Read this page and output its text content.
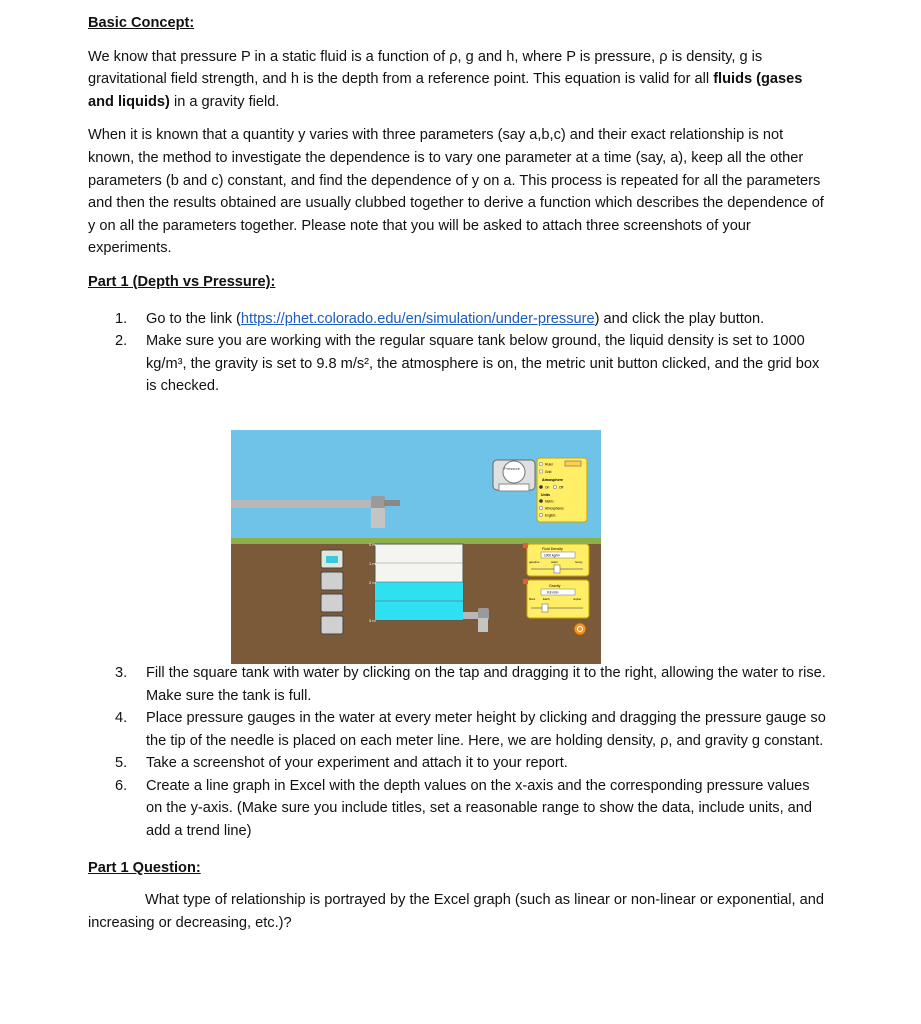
Basic Concept:

We know that pressure P in a static fluid is a function of ρ, g and h, where P is pressure, ρ is density, g is gravitational field strength, and h is the depth from a reference point. This equation is valid for all fluids (gases and liquids) in a gravity field.

When it is known that a quantity y varies with three parameters (say a,b,c) and their exact relationship is not known, the method to investigate the dependence is to vary one parameter at a time (say, a), keep all the other parameters (b and c) constant, and find the dependence of y on a. This process is repeated for all the parameters and then the results obtained are usually clubbed together to derive a function which describes the dependence of y on all the parameters together. Please note that you will be asked to attach three screenshots of your experiments.

Part 1 (Depth vs Pressure):

1. Go to the link (https://phet.colorado.edu/en/simulation/under-pressure) and click the play button.
2. Make sure you are working with the regular square tank below ground, the liquid density is set to 1000 kg/m³, the gravity is set to 9.8 m/s², the atmosphere is on, the metric unit button clicked, and the grid box is checked.
3. Fill the square tank with water by clicking on the tap and dragging it to the right, allowing the water to rise. Make sure the tank is full.
4. Place pressure gauges in the water at every meter height by clicking and dragging the pressure gauge so the tip of the needle is placed on each meter line. Here, we are holding density, ρ, and gravity g constant.
5. Take a screenshot of your experiment and attach it to your report.
6. Create a line graph in Excel with the depth values on the x-axis and the corresponding pressure values on the y-axis. (Make sure you include titles, set a reasonable range to show the data, include units, and add a trend line)

Part 1 Question:

What type of relationship is portrayed by the Excel graph (such as linear or non-linear or exponential, and increasing or decreasing, etc.)?

0 m
1 m
2 m
3 m
Pressure
Ruler
Grid
Atmosphere
On	Off
Units
Metric
Atmospheres
English
Fluid Density
1000 kg/m³
gasoline	water	honey
Gravity
9.8 m/s²
Mars	Earth	Jupiter
